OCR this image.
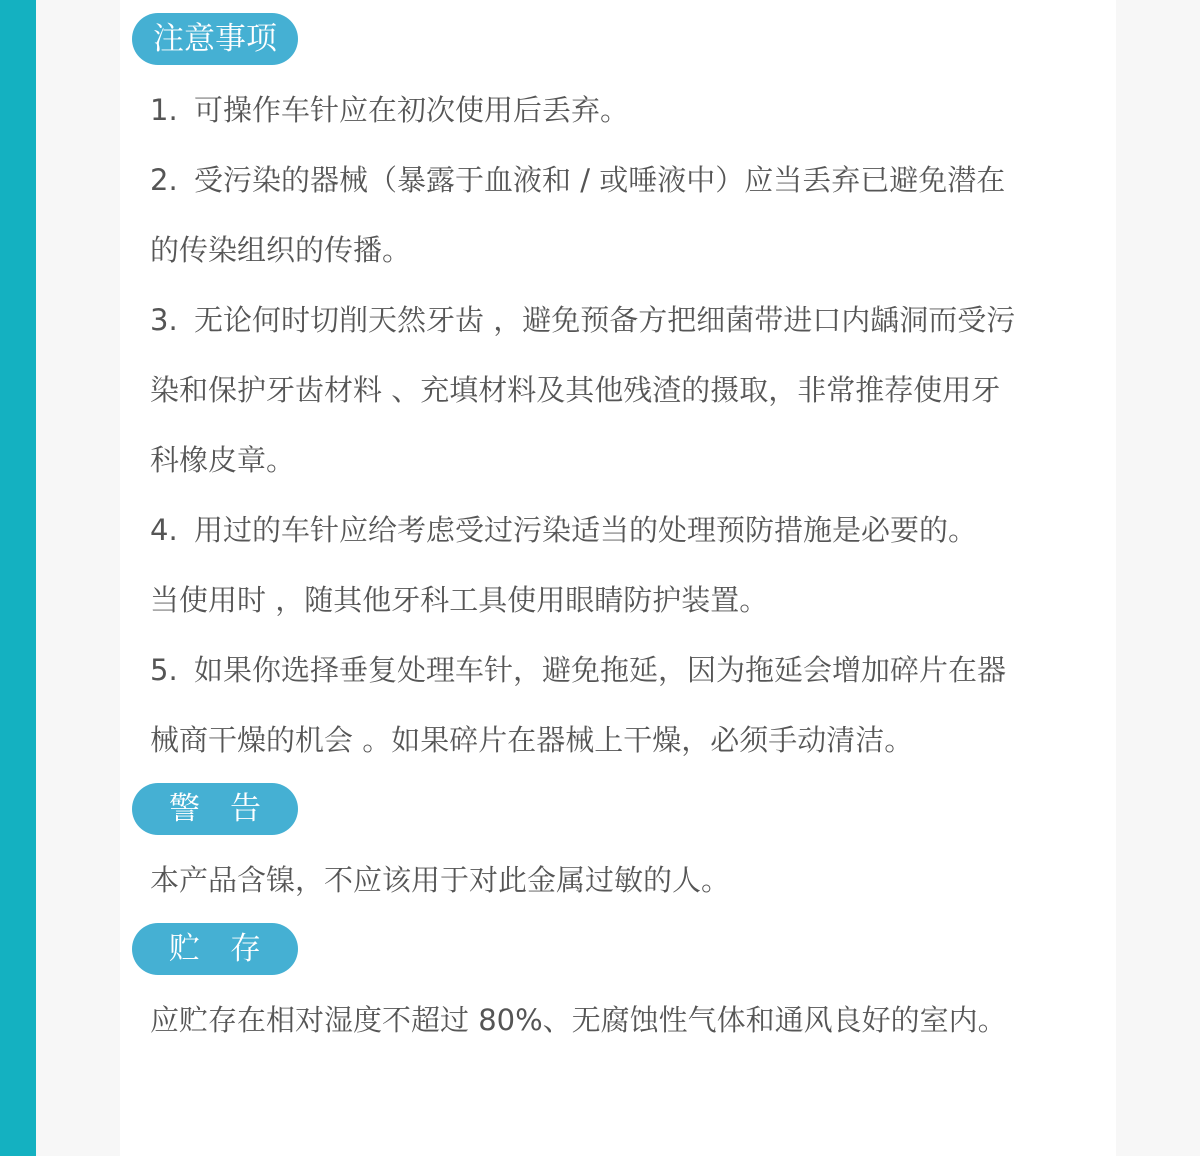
注意事项
1. 可操作车针应在初次使用后丢弃。
2. 受污染的器械（暴露于血液和 / 或唾液中）应当丢弃已避免潜在
的传染组织的传播。
3. 无论何时切削天然牙齿 ，避免预备方把细菌带进口内龋洞而受污
染和保护牙齿材料 、充填材料及其他残渣的摄取，非常推荐使用牙
科橡皮章。
4. 用过的车针应给考虑受过污染适当的处理预防措施是必要的。
当使用时 ，随其他牙科工具使用眼睛防护装置。
5. 如果你选择垂复处理车针，避免拖延，因为拖延会增加碎片在器
械商干燥的机会 。如果碎片在器械上干燥，必须手动清洁。
警告
本产品含镍，不应该用于对此金属过敏的人。
贮存
应贮存在相对湿度不超过 80%、无腐蚀性气体和通风良好的室内。
